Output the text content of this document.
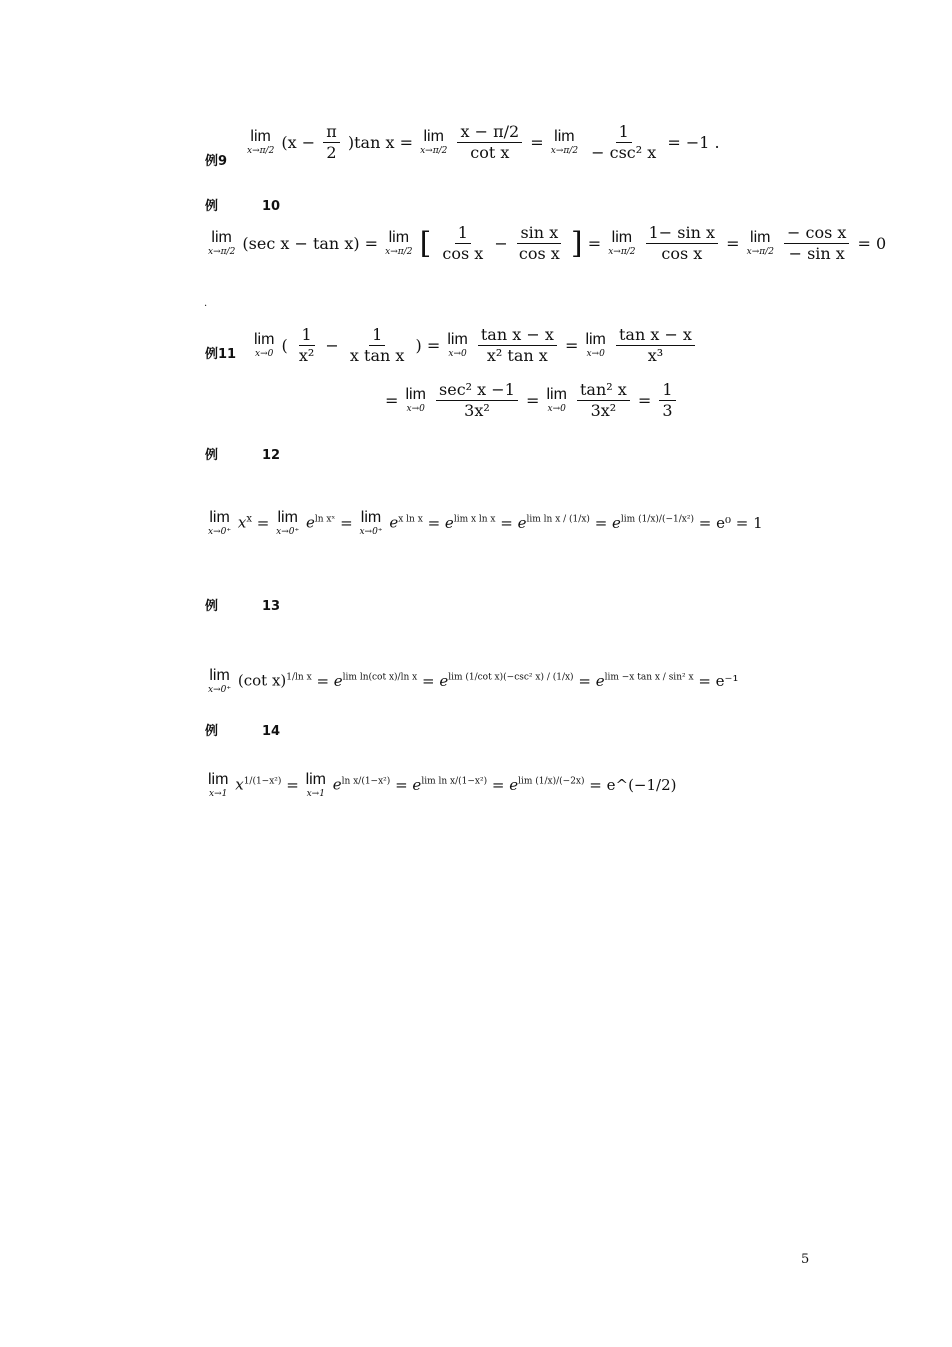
例9
lim
x→π/2 $(x - \frac{\pi}{2} )\tan$ x = lim
x→π/2
$\frac{x - \pi/2}{\text{cot x}} = \lim$
x→π/2

1
− csc² x
= −1 .
例	10
lim
x→π/2 (sec x − tan x) = lim
x→π/2 [ $\frac{1}{\text{cos x}} - \frac{\text{sin x}}{\text{cos x}}$ ] = lim
x→π/2
$\frac{\text{1− sin x}}{\text{cos x}} = \lim$
x→π/2
$\frac{\text{− cos x}}{\text{− sin x}} = 0$
.
例11
lim
x→0 ( $\frac{1}{\text{x²}} - \frac{1}{\text{x tan x}}$ ) = lim
x→0
$\frac{\text{tan x − x}}{\text{x² tan x}} = \lim$
x→0
$\frac{\text{tan x − x}}{\text{x³}}$
= lim
x→0

sec² x −1
3x²
= lim
x→0
$\frac{\text{tan² x}}{\text{3x²}} = \frac{1}{3}$
例	12
lim
x→0⁺
$x^x = \lim$
x→0⁺
$e^{ln xˣ} = \lim$
x→0⁺
$e^{x ln x} = e^{lim x ln x} = e^{lim ln x / (1/x)} = e^{lim (1/x)/(-1/x^2)} = e^0 = 1$
例	13
lim
x→0⁺
(cot $x)^{1/ln x} = e^{lim ln(cot x)/ln x} = e^{lim (1/cot x)(-csc^2 x) / (1/x)} = e^{lim -x tan x / sin^2 x} = e^{-1}$
例	14
lim
x→1
$x^{1/(1-x^2)} = \lim$
x→1
$e^{ln x/(1-x^2)} = e^{lim ln x/(1-x^2)} = e^{lim (1/x)/(-2x)}$ = e^(−1/2)
5
